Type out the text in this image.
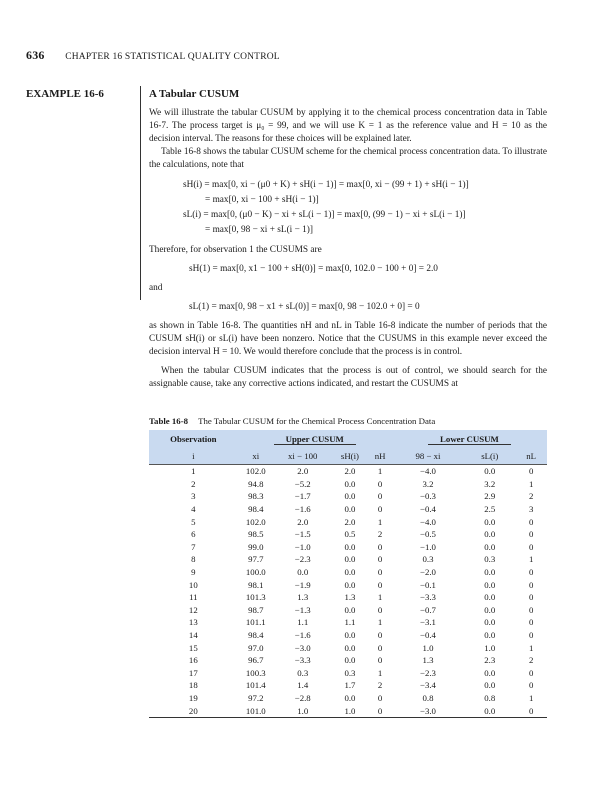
636 CHAPTER 16 STATISTICAL QUALITY CONTROL
EXAMPLE 16-6	A Tabular CUSUM

We will illustrate the tabular CUSUM by applying it to the chemical process concentration data in Table 16-7. The process target is μ₀ = 99, and we will use K = 1 as the reference value and H = 10 as the decision interval. The reasons for these choices will be explained later.

Table 16-8 shows the tabular CUSUM scheme for the chemical process concentration data. To illustrate the calculations, note that

sH(i) = max[0, xi − (μ0 + K) + sH(i − 1)] = max[0, xi − (99 + 1) + sH(i − 1)]
= max[0, xi − 100 + sH(i − 1)]
sL(i) = max[0, (μ0 − K) − xi + sL(i − 1)] = max[0, (99 − 1) − xi + sL(i − 1)]
= max[0, 98 − xi + sL(i − 1)]

Therefore, for observation 1 the CUSUMS are

sH(1) = max[0, x1 − 100 + sH(0)] = max[0, 102.0 − 100 + 0] = 2.0

and

sL(1) = max[0, 98 − x1 + sL(0)] = max[0, 98 − 102.0 + 0] = 0

as shown in Table 16-8. The quantities nH and nL in Table 16-8 indicate the number of periods that the CUSUM sH(i) or sL(i) have been nonzero. Notice that the CUSUMS in this example never exceed the decision interval H = 10. We would therefore conclude that the process is in control.

When the tabular CUSUM indicates that the process is out of control, we should search for the assignable cause, take any corrective actions indicated, and restart the CUSUMS at

Table 16-8 The Tabular CUSUM for the Chemical Process Concentration Data
Observation	Upper CUSUM				Lower CUSUM		
i	xi	xi − 100	sH(i)	nH	98 − xi	sL(i)	nL
1	102.0	2.0	2.0	1	−4.0	0.0	0
2	94.8	−5.2	0.0	0	3.2	3.2	1
3	98.3	−1.7	0.0	0	−0.3	2.9	2
4	98.4	−1.6	0.0	0	−0.4	2.5	3
5	102.0	2.0	2.0	1	−4.0	0.0	0
6	98.5	−1.5	0.5	2	−0.5	0.0	0
7	99.0	−1.0	0.0	0	−1.0	0.0	0
8	97.7	−2.3	0.0	0	0.3	0.3	1
9	100.0	0.0	0.0	0	−2.0	0.0	0
10	98.1	−1.9	0.0	0	−0.1	0.0	0
11	101.3	1.3	1.3	1	−3.3	0.0	0
12	98.7	−1.3	0.0	0	−0.7	0.0	0
13	101.1	1.1	1.1	1	−3.1	0.0	0
14	98.4	−1.6	0.0	0	−0.4	0.0	0
15	97.0	−3.0	0.0	0	1.0	1.0	1
16	96.7	−3.3	0.0	0	1.3	2.3	2
17	100.3	0.3	0.3	1	−2.3	0.0	0
18	101.4	1.4	1.7	2	−3.4	0.0	0
19	97.2	−2.8	0.0	0	0.8	0.8	1
20	101.0	1.0	1.0	0	−3.0	0.0	0
